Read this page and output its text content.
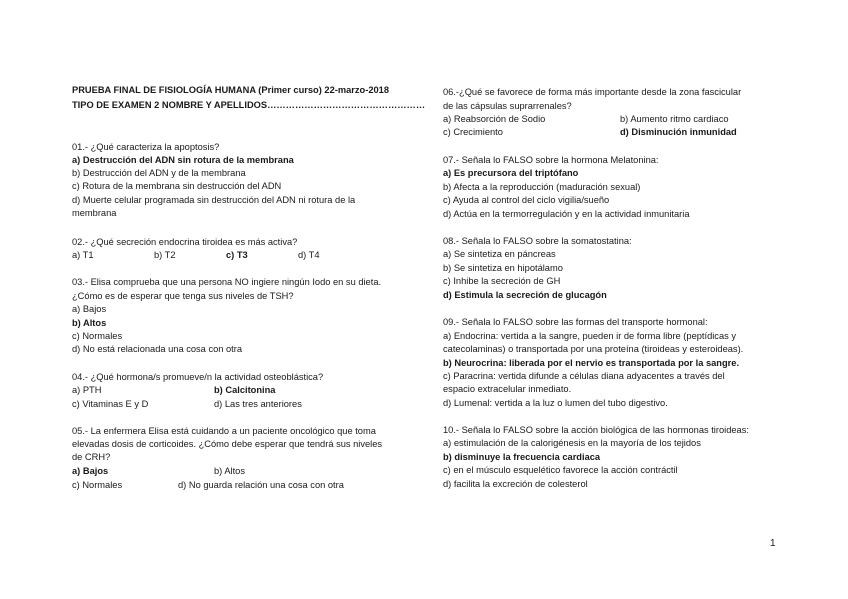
PRUEBA FINAL DE FISIOLOGÍA HUMANA (Primer curso) 22-marzo-2018
TIPO DE EXAMEN 2 NOMBRE Y APELLIDOS……………………………………………
01.- ¿Qué caracteriza la apoptosis?
a) Destrucción del ADN sin rotura de la membrana
b) Destrucción del ADN y de la membrana
c) Rotura de la membrana sin destrucción del ADN
d) Muerte celular programada sin destrucción del ADN ni rotura de la
membrana
02.- ¿Qué secreción endocrina tiroidea es más activa?
a) T1	b) T2	c) T3	d) T4
03.- Elisa comprueba que una persona NO ingiere ningún Iodo en su dieta.
¿Cómo es de esperar que tenga sus niveles de TSH?
a) Bajos
b) Altos
c) Normales
d) No está relacionada una cosa con otra
04.- ¿Qué hormona/s promueve/n la actividad osteoblástica?
a) PTH	b) Calcitonina
c) Vitaminas E y D	d) Las tres anteriores
05.- La enfermera Elisa está cuidando a un paciente oncológico que toma
elevadas dosis de corticoides. ¿Cómo debe esperar que tendrá sus niveles
de CRH?
a) Bajos	b) Altos
c) Normales	d) No guarda relación una cosa con otra
06.-¿Qué se favorece de forma más importante desde la zona fascicular
de las cápsulas suprarrenales?
a) Reabsorción de Sodio	b) Aumento ritmo cardiaco
c) Crecimiento	d) Disminución inmunidad
07.- Señala lo FALSO sobre la hormona Melatonina:
a) Es precursora del triptófano
b) Afecta a la reproducción (maduración sexual)
c) Ayuda al control del ciclo vigilia/sueño
d) Actúa en la termorregulación y en la actividad inmunitaria
08.- Señala lo FALSO sobre la somatostatina:
a) Se sintetiza en páncreas
b) Se sintetiza en hipotálamo
c) Inhibe la secreción de GH
d) Estimula la secreción de glucagón
09.- Señala lo FALSO sobre las formas del transporte hormonal:
a) Endocrina: vertida a la sangre, pueden ir de forma libre (peptídicas y
catecolaminas) o transportada por una proteína (tiroideas y esteroideas).
b) Neurocrina: liberada por el nervio es transportada por la sangre.
c) Paracrina: vertida difunde a células diana adyacentes a través del
espacio extracelular inmediato.
d) Lumenal: vertida a la luz o lumen del tubo digestivo.
10.- Señala lo FALSO sobre la acción biológica de las hormonas tiroideas:
a) estimulación de la calorigénesis en la mayoría de los tejidos
b) disminuye la frecuencia cardiaca
c) en el músculo esquelético favorece la acción contráctil
d) facilita la excreción de colesterol
1
